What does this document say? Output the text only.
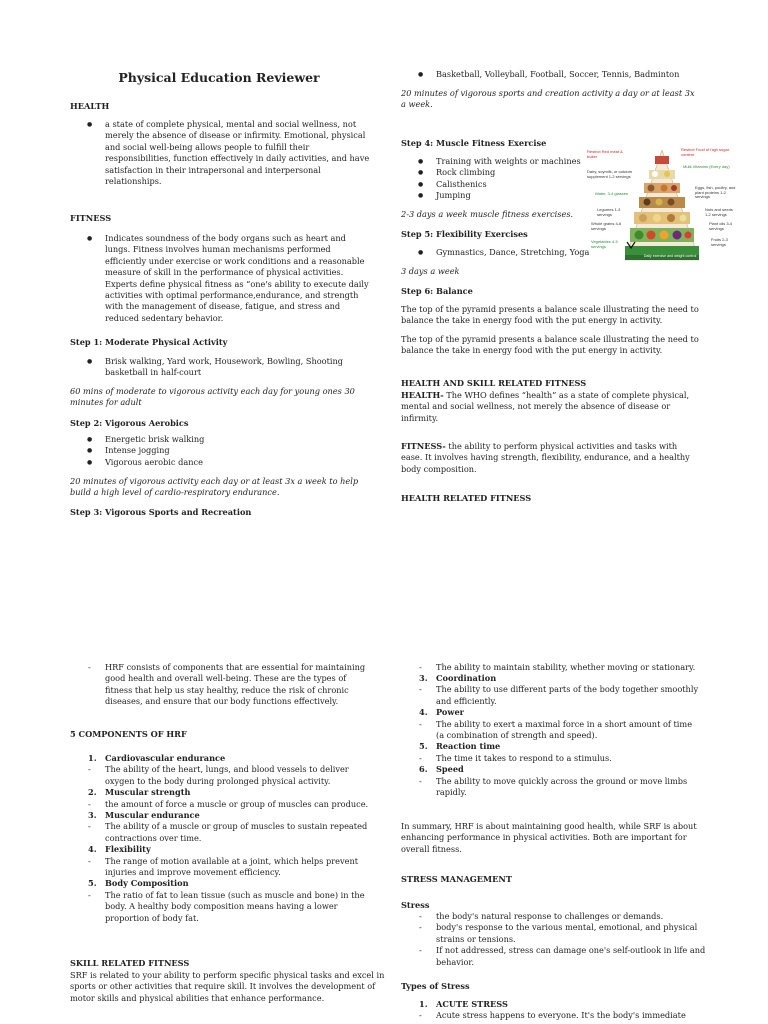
Physical Education Reviewer

HEALTH

● a state of complete physical, mental and social wellness, not merely the absence of disease or infirmity. Emotional, physical and social well-being allows people to fulfill their responsibilities, function effectively in daily activities, and have satisfaction in their intrapersonal and interpersonal relationships.

FITNESS

● Indicates soundness of the body organs such as heart and lungs. Fitness involves human mechanisms performed efficiently under exercise or work conditions and a reasonable measure of skill in the performance of physical activities. Experts define physical fitness as “one's ability to execute daily activities with optimal performance,endurance, and strength with the management of disease, fatigue, and stress and reduced sedentary behavior.

Step 1: Moderate Physical Activity

● Brisk walking, Yard work, Housework, Bowling, Shooting basketball in half-court

60 mins of moderate to vigorous activity each day for young ones 30 minutes for adult

Step 2: Vigorous Aerobics

● Energetic brisk walking
● Intense jogging
● Vigorous aerobic dance

20 minutes of vigorous activity each day or at least 3x a week to help build a high level of cardio-respiratory endurance.

Step 3: Vigorous Sports and Recreation

● Basketball, Volleyball, Football, Soccer, Tennis, Badminton

20 minutes of vigorous sports and creation activity a day or at least 3x a week.

Step 4: Muscle Fitness Exercise

● Training with weights or machines
● Rock climbing
● Calisthenics
● Jumping

2-3 days a week muscle fitness exercises.

Step 5: Flexibility Exercises

● Gymnastics, Dance, Stretching, Yoga

3 days a week

Step 6: Balance

The top of the pyramid presents a balance scale illustrating the need to balance the take in energy food with the put energy in activity.

The top of the pyramid presents a balance scale illustrating the need to balance the take in energy food with the put energy in activity.

HEALTH AND SKILL RELATED FITNESS

HEALTH- The WHO defines “health” as a state of complete physical, mental and social wellness, not merely the absence of disease or infirmity.

FITNESS- the ability to perform physical activities and tasks with ease. It involves having strength, flexibility, endurance, and a healthy body composition.

HEALTH RELATED FITNESS

Restrict Food of high sugar content
Restrict Red meat & butter
Dairy, soymilk, or calcium supplement 1-2 servings
Multi-Vitamins (Every day)
Eggs, fish, poultry, and plant proteins 1-2 servings
Water, 3-4 glasses
Legumes 1-3 servings
Nuts and seeds 1-2 servings
Whole grains 4-6 servings
Plant oils 3-4 servings
Vegetables 4-5 servings
Fruits 2-3 servings
Daily exercise and weight control
- HRF consists of components that are essential for maintaining good health and overall well-being. These are the types of fitness that help us stay healthy, reduce the risk of chronic diseases, and ensure that our body functions effectively.

5 COMPONENTS OF HRF

1. Cardiovascular endurance
- The ability of the heart, lungs, and blood vessels to deliver oxygen to the body during prolonged physical activity.
2. Muscular strength
- the amount of force a muscle or group of muscles can produce.
3. Muscular endurance
- The ability of a muscle or group of muscles to sustain repeated contractions over time.
4. Flexibility
- The range of motion available at a joint, which helps prevent injuries and improve movement efficiency.
5. Body Composition
- The ratio of fat to lean tissue (such as muscle and bone) in the body. A healthy body composition means having a lower proportion of body fat.

SKILL RELATED FITNESS

SRF is related to your ability to perform specific physical tasks and excel in sports or other activities that require skill. It involves the development of motor skills and physical abilities that enhance performance.

- The ability to maintain stability, whether moving or stationary.
3. Coordination
- The ability to use different parts of the body together smoothly and efficiently.
4. Power
- The ability to exert a maximal force in a short amount of time (a combination of strength and speed).
5. Reaction time
- The time it takes to respond to a stimulus.
6. Speed
- The ability to move quickly across the ground or move limbs rapidly.

In summary, HRF is about maintaining good health, while SRF is about enhancing performance in physical activities. Both are important for overall fitness.

STRESS MANAGEMENT

Stress

- the body's natural response to challenges or demands.
- body's response to the various mental, emotional, and physical strains or tensions.
- If not addressed, stress can damage one's self-outlook in life and behavior.

Types of Stress

1. ACUTE STRESS
- Acute stress happens to everyone. It's the body's immediate
